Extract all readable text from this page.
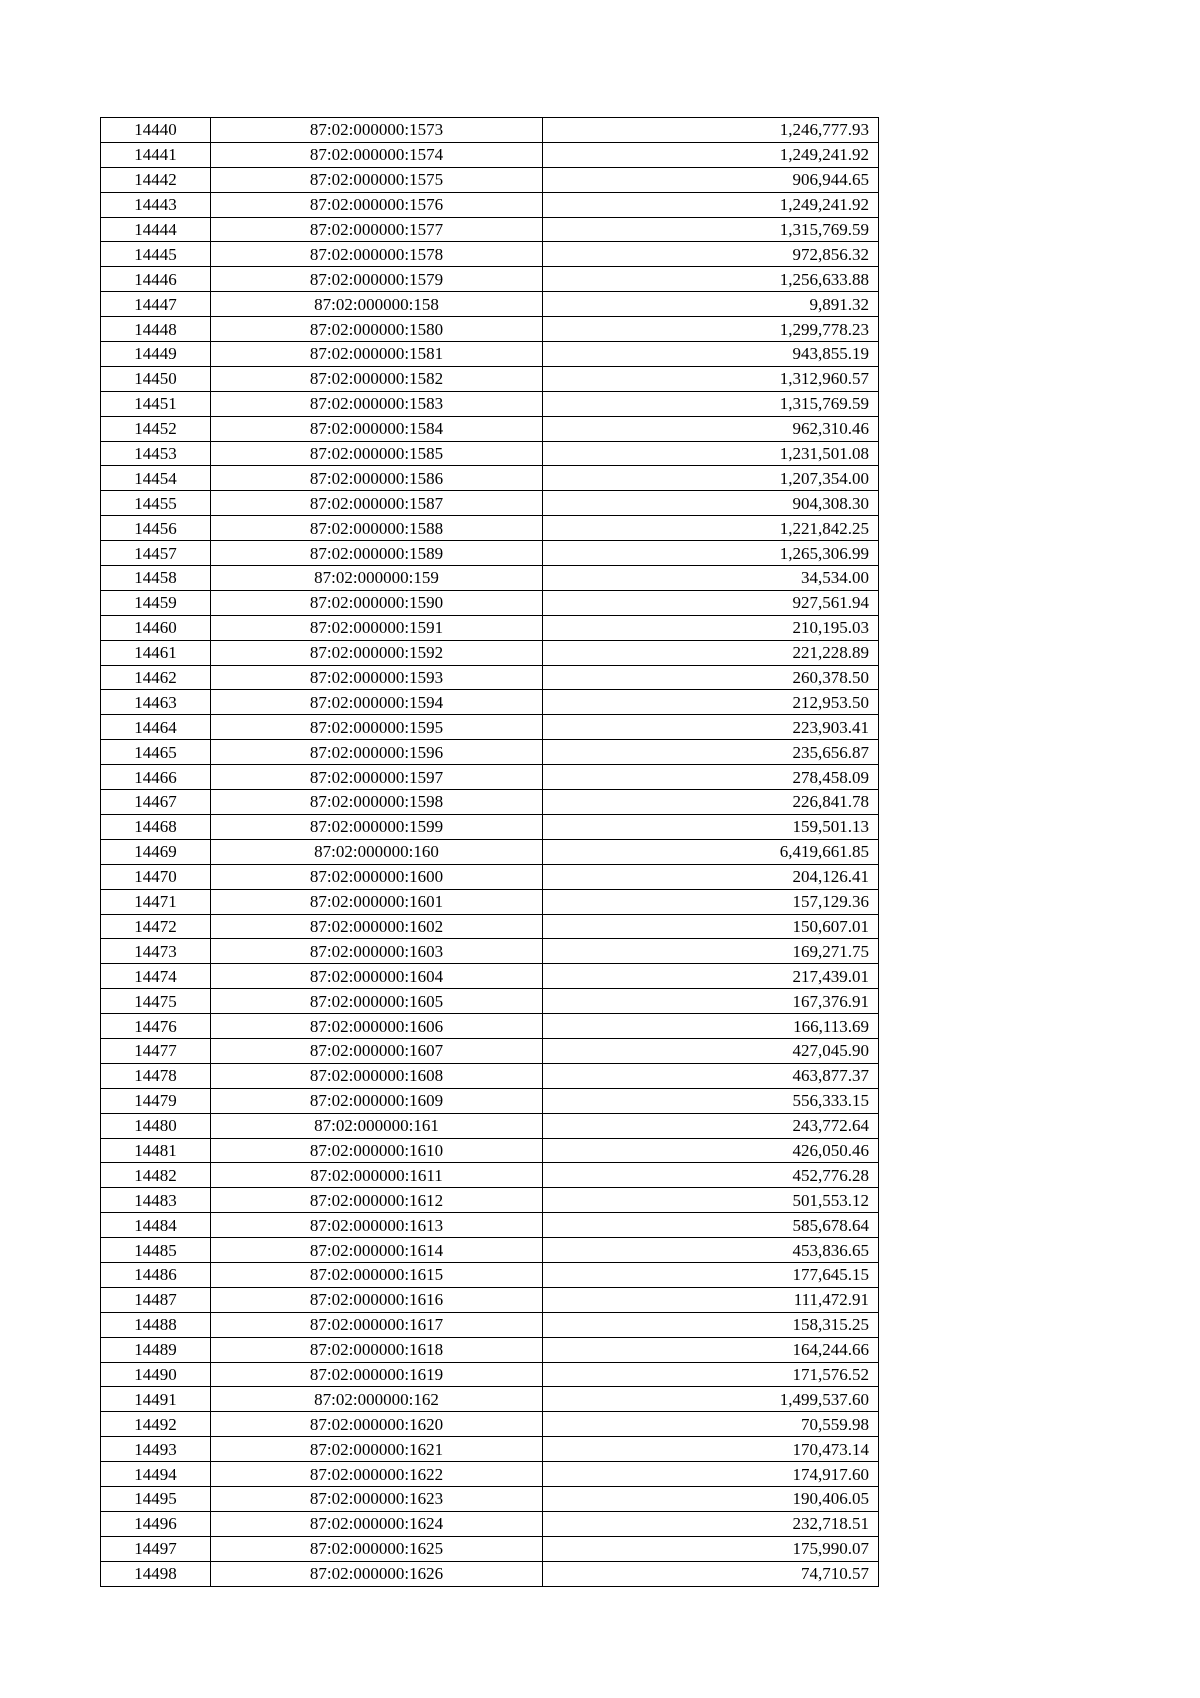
14440	87:02:000000:1573	1,246,777.93
14441	87:02:000000:1574	1,249,241.92
14442	87:02:000000:1575	906,944.65
14443	87:02:000000:1576	1,249,241.92
14444	87:02:000000:1577	1,315,769.59
14445	87:02:000000:1578	972,856.32
14446	87:02:000000:1579	1,256,633.88
14447	87:02:000000:158	9,891.32
14448	87:02:000000:1580	1,299,778.23
14449	87:02:000000:1581	943,855.19
14450	87:02:000000:1582	1,312,960.57
14451	87:02:000000:1583	1,315,769.59
14452	87:02:000000:1584	962,310.46
14453	87:02:000000:1585	1,231,501.08
14454	87:02:000000:1586	1,207,354.00
14455	87:02:000000:1587	904,308.30
14456	87:02:000000:1588	1,221,842.25
14457	87:02:000000:1589	1,265,306.99
14458	87:02:000000:159	34,534.00
14459	87:02:000000:1590	927,561.94
14460	87:02:000000:1591	210,195.03
14461	87:02:000000:1592	221,228.89
14462	87:02:000000:1593	260,378.50
14463	87:02:000000:1594	212,953.50
14464	87:02:000000:1595	223,903.41
14465	87:02:000000:1596	235,656.87
14466	87:02:000000:1597	278,458.09
14467	87:02:000000:1598	226,841.78
14468	87:02:000000:1599	159,501.13
14469	87:02:000000:160	6,419,661.85
14470	87:02:000000:1600	204,126.41
14471	87:02:000000:1601	157,129.36
14472	87:02:000000:1602	150,607.01
14473	87:02:000000:1603	169,271.75
14474	87:02:000000:1604	217,439.01
14475	87:02:000000:1605	167,376.91
14476	87:02:000000:1606	166,113.69
14477	87:02:000000:1607	427,045.90
14478	87:02:000000:1608	463,877.37
14479	87:02:000000:1609	556,333.15
14480	87:02:000000:161	243,772.64
14481	87:02:000000:1610	426,050.46
14482	87:02:000000:1611	452,776.28
14483	87:02:000000:1612	501,553.12
14484	87:02:000000:1613	585,678.64
14485	87:02:000000:1614	453,836.65
14486	87:02:000000:1615	177,645.15
14487	87:02:000000:1616	111,472.91
14488	87:02:000000:1617	158,315.25
14489	87:02:000000:1618	164,244.66
14490	87:02:000000:1619	171,576.52
14491	87:02:000000:162	1,499,537.60
14492	87:02:000000:1620	70,559.98
14493	87:02:000000:1621	170,473.14
14494	87:02:000000:1622	174,917.60
14495	87:02:000000:1623	190,406.05
14496	87:02:000000:1624	232,718.51
14497	87:02:000000:1625	175,990.07
14498	87:02:000000:1626	74,710.57
